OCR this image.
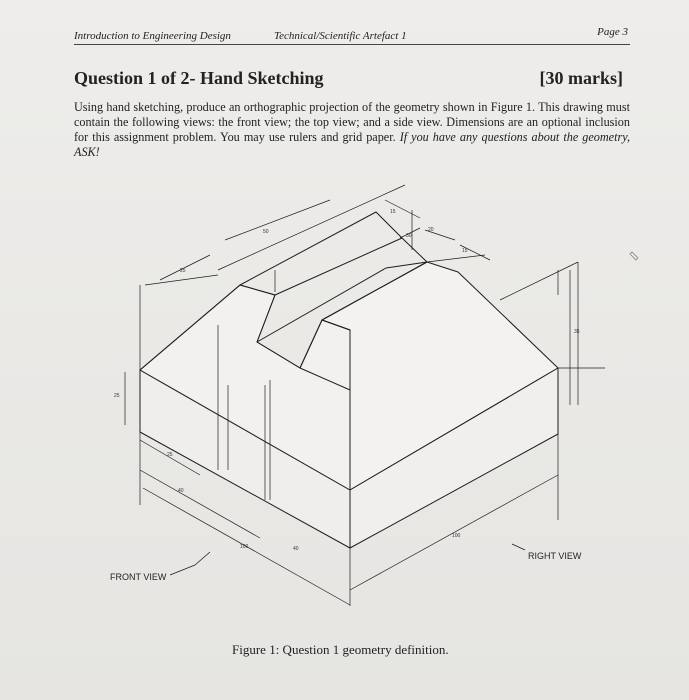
Introduction to Engineering Design	Technical/Scientific Artefact 1	Page 3
Question 1 of 2- Hand Sketching	[30 marks]
Using hand sketching, produce an orthographic projection of the geometry shown in Figure 1. This drawing must contain the following views: the front view; the top view; and a side view. Dimensions are an optional inclusion for this assignment problem. You may use rulers and grid paper. If you have any questions about the geometry, ASK!
50
15
20
15
30
25
25
35
25
40
100	40
100
FRONT VIEW
RIGHT VIEW
Figure 1: Question 1 geometry definition.
